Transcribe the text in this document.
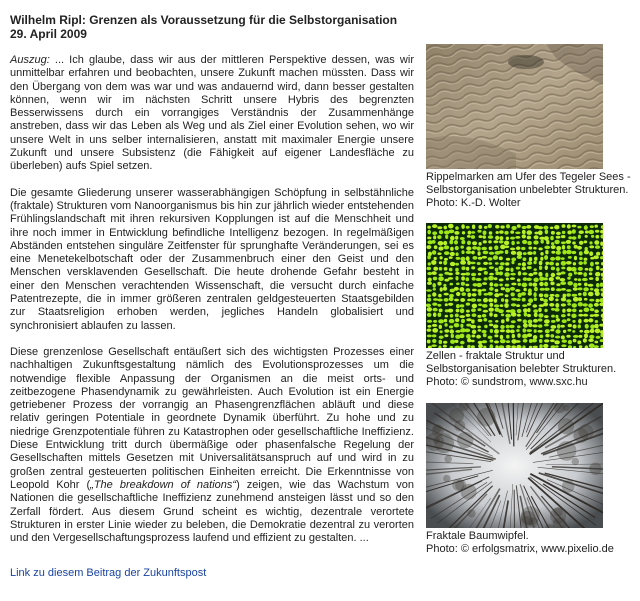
Wilhelm Ripl: Grenzen als Voraussetzung für die Selbstorganisation
29. April 2009

Auszug: ... Ich glaube, dass wir aus der mittleren Perspektive dessen, was wir unmittelbar erfahren und beobachten, unsere Zukunft machen müssten. Dass wir den Übergang von dem was war und was andauernd wird, dann besser gestalten können, wenn wir im nächsten Schritt unsere Hybris des begrenzten Besserwissens durch ein vorrangiges Verständnis der Zusammenhänge anstreben, dass wir das Leben als Weg und als Ziel einer Evolution sehen, wo wir unsere Welt in uns selber internalisieren, anstatt mit maximaler Energie unsere Zukunft und unsere Subsistenz (die Fähigkeit auf eigener Landesfläche zu überleben) aufs Spiel setzen.

Die gesamte Gliederung unserer wasserabhängigen Schöpfung in selbstähnliche (fraktale) Strukturen vom Nanoorganismus bis hin zur jährlich wieder entstehenden Frühlingslandschaft mit ihren rekursiven Kopplungen ist auf die Menschheit und ihre noch immer in Entwicklung befindliche Intelligenz bezogen. In regelmäßigen Abständen entstehen singuläre Zeitfenster für sprunghafte Veränderungen, sei es eine Menetekelbotschaft oder der Zusammenbruch einer den Geist und den Menschen versklavenden Gesellschaft. Die heute drohende Gefahr besteht in einer den Menschen verachtenden Wissenschaft, die versucht durch einfache Patentrezepte, die in immer größeren zentralen geldgesteuerten Staatsgebilden zur Staatsreligion erhoben werden, jegliches Handeln globalisiert und synchronisiert ablaufen zu lassen.

Diese grenzenlose Gesellschaft entäußert sich des wichtigsten Prozesses einer nachhaltigen Zukunftsgestaltung nämlich des Evolutionsprozesses um die notwendige flexible Anpassung der Organismen an die meist orts- und zeitbezogene Phasendynamik zu gewährleisten. Auch Evolution ist ein Energie getriebener Prozess der vorrangig an Phasengrenzflächen abläuft und diese relativ geringen Potentiale in geordnete Dynamik überführt. Zu hohe und zu niedrige Grenzpotentiale führen zu Katastrophen oder gesellschaftliche Ineffizienz. Diese Entwicklung tritt durch übermäßige oder phasenfalsche Regelung der Gesellschaften mittels Gesetzen mit Universalitätsanspruch auf und wird in zu großen zentral gesteuerten politischen Einheiten erreicht. Die Erkenntnisse von Leopold Kohr („The breakdown of nations“) zeigen, wie das Wachstum von Nationen die gesellschaftliche Ineffizienz zunehmend ansteigen lässt und so den Zerfall fördert. Aus diesem Grund scheint es wichtig, dezentrale verortete Strukturen in erster Linie wieder zu beleben, die Demokratie dezentral zu verorten und den Vergesellschaftungsprozess laufend und effizient zu gestalten. ...

Link zu diesem Beitrag der Zukunftspost
Rippelmarken am Ufer des Tegeler Sees - Selbstorganisation unbelebter Strukturen.
Photo: K.-D. Wolter
Zellen - fraktale Struktur und Selbstorganisation belebter Strukturen.
Photo: © sundstrom, www.sxc.hu
Fraktale Baumwipfel.
Photo: © erfolgsmatrix, www.pixelio.de
